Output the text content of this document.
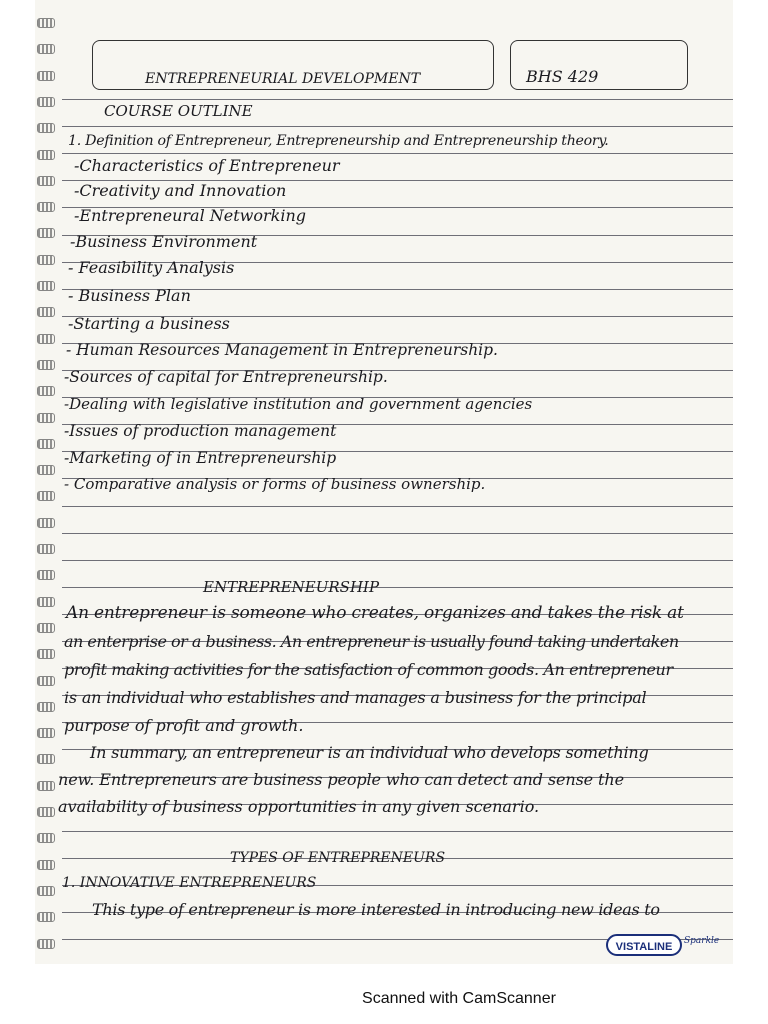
ENTREPRENEURIAL DEVELOPMENT	BHS 429
COURSE OUTLINE
1. Definition of Entrepreneur, Entrepreneurship and Entrepreneurship theory.
-Characteristics of Entrepreneur
-Creativity and Innovation
-Entrepreneural Networking
-Business Environment
- Feasibility Analysis
- Business Plan
-Starting a business
- Human Resources Management in Entrepreneurship.
-Sources of capital for Entrepreneurship.
-Dealing with legislative institution and government agencies
-Issues of production management
-Marketing of in Entrepreneurship
- Comparative analysis or forms of business ownership.
ENTREPRENEURSHIP
An entrepreneur is someone who creates, organizes and takes the risk at
an enterprise or a business. An entrepreneur is usually found taking undertaken
profit making activities for the satisfaction of common goods. An entrepreneur
is an individual who establishes and manages a business for the principal
purpose of profit and growth.
In summary, an entrepreneur is an individual who develops something
new. Entrepreneurs are business people who can detect and sense the
availability of business opportunities in any given scenario.
TYPES OF ENTREPRENEURS
1. INNOVATIVE ENTREPRENEURS
This type of entrepreneur is more interested in introducing new ideas to
VISTALINE	Sparkle
Scanned with CamScanner
